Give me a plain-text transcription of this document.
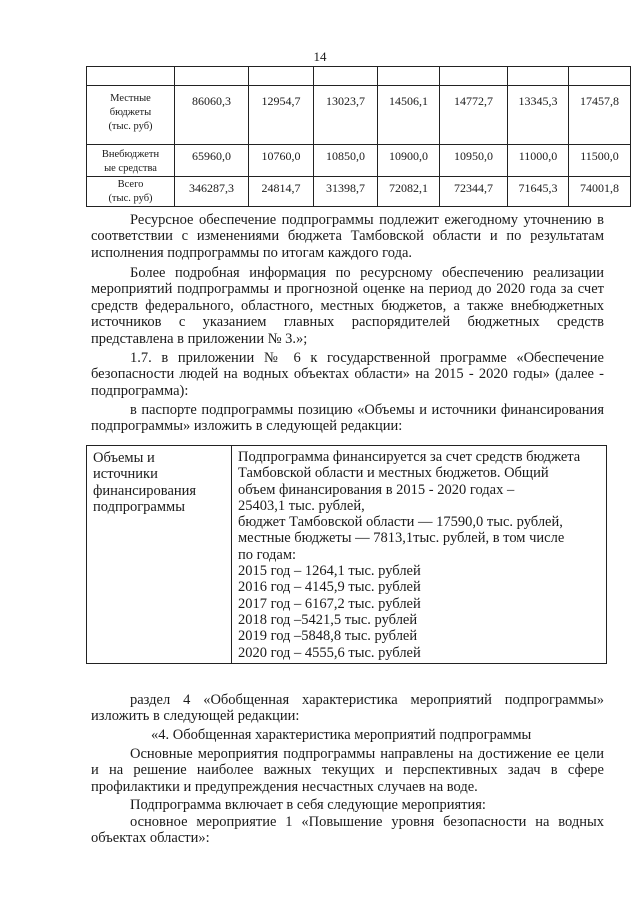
14

Местные
бюджеты
(тыс. руб)	86060,3	12954,7	13023,7	14506,1	14772,7	13345,3	17457,8

Внебюджетн
ые средства	65960,0	10760,0	10850,0	10900,0	10950,0	11000,0	11500,0

Всего
(тыс. руб)	346287,3	24814,7	31398,7	72082,1	72344,7	71645,3	74001,8

Ресурсное обеспечение подпрограммы подлежит ежегодному уточнению в соответствии с изменениями бюджета Тамбовской области и по результатам исполнения подпрограммы по итогам каждого года.

Более подробная информация по ресурсному обеспечению реализации мероприятий подпрограммы и прогнозной оценке на период до 2020 года за счет средств федерального, областного, местных бюджетов, а также внебюджетных источников с указанием главных распорядителей бюджетных средств представлена в приложении № 3.»;

1.7. в приложении № 6 к государственной программе «Обеспечение безопасности людей на водных объектах области» на 2015 - 2020 годы» (далее - подпрограмма):

в паспорте подпрограммы позицию «Объемы и источники финансирования подпрограммы» изложить в следующей редакции:

Объемы и
источники
финансирования
подпрограммы

Подпрограмма финансируется за счет средств бюджета
Тамбовской области и местных бюджетов. Общий
объем финансирования в 2015 - 2020 годах –
25403,1 тыс. рублей,
бюджет Тамбовской области — 17590,0 тыс. рублей,
местные бюджеты — 7813,1тыс. рублей, в том числе
по годам:
2015 год – 1264,1 тыс. рублей
2016 год – 4145,9 тыс. рублей
2017 год – 6167,2 тыс. рублей
2018 год –5421,5 тыс. рублей
2019 год –5848,8 тыс. рублей
2020 год – 4555,6 тыс. рублей

раздел 4 «Обобщенная характеристика мероприятий подпрограммы» изложить в следующей редакции:

«4. Обобщенная характеристика мероприятий подпрограммы

Основные мероприятия подпрограммы направлены на достижение ее цели и на решение наиболее важных текущих и перспективных задач в сфере профилактики и предупреждения несчастных случаев на воде.

Подпрограмма включает в себя следующие мероприятия:

основное мероприятие 1 «Повышение уровня безопасности на водных объектах области»:
